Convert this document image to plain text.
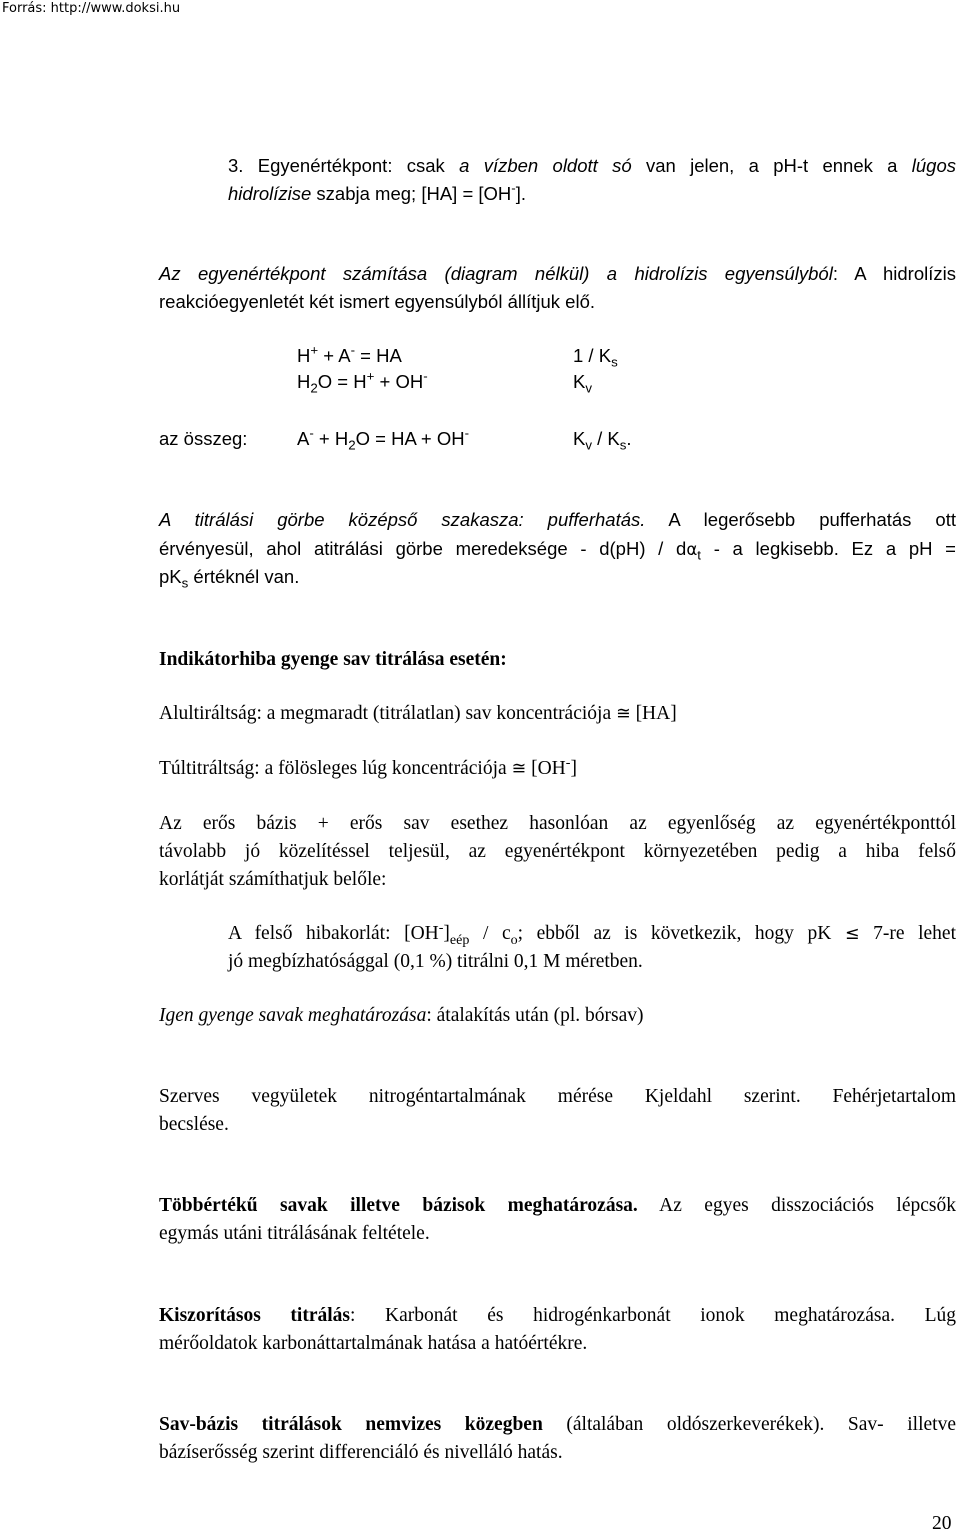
Forrás: http://www.doksi.hu
3. Egyenértékpont: csak a vízben oldott só van jelen, a pH-t ennek a lúgos
hidrolízise szabja meg; [HA] = [OH-].
Az egyenértékpont számítása (diagram nélkül) a hidrolízis egyensúlyból: A hidrolízis
reakcióegyenletét két ismert egyensúlyból állítjuk elő.
H+ + A- = HA	$1 / K_s$
$H_2O = H^+ + OH^-$	$K_v$
az összeg:	$A^- + H_2O$ = HA + OH-	$K_v / K_s$.
A titrálási görbe középső szakasza: pufferhatás. A legerősebb pufferhatás ott
érvényesül, ahol atitrálási görbe meredeksége - $d(pH) / d\alpha_t$ - a legkisebb. Ez a pH =
$pK_s$ értéknél van.
Indikátorhiba gyenge sav titrálása esetén:
Alultiráltság: a megmaradt (titrálatlan) sav koncentrációja ≅ [HA]
Túltitráltság: a fölösleges lúg koncentrációja ≅ [OH-]
Az erős bázis + erős sav esethez hasonlóan az egyenlőség az egyenértékponttól
távolabb jó közelítéssel teljesül, az egyenértékpont környezetében pedig a hiba felső
korlátját számíthatjuk belőle:
A felső hibakorlát: $[OH^-]_{eép} / c_o$; ebből az is következik, hogy pK ≤ 7-re lehet
jó megbízhatósággal (0,1 %) titrálni 0,1 M méretben.
Igen gyenge savak meghatározása: átalakítás után (pl. bórsav)
Szerves vegyületek nitrogéntartalmának mérése Kjeldahl szerint. Fehérjetartalom
becslése.
Többértékű savak illetve bázisok meghatározása. Az egyes disszociációs lépcsők
egymás utáni titrálásának feltétele.
Kiszorításos titrálás: Karbonát és hidrogénkarbonát ionok meghatározása. Lúg
mérőoldatok karbonáttartalmának hatása a hatóértékre.
Sav-bázis titrálások nemvizes közegben (általában oldószerkeverékek). Sav- illetve
bázíserősség szerint differenciáló és nivelláló hatás.
20
